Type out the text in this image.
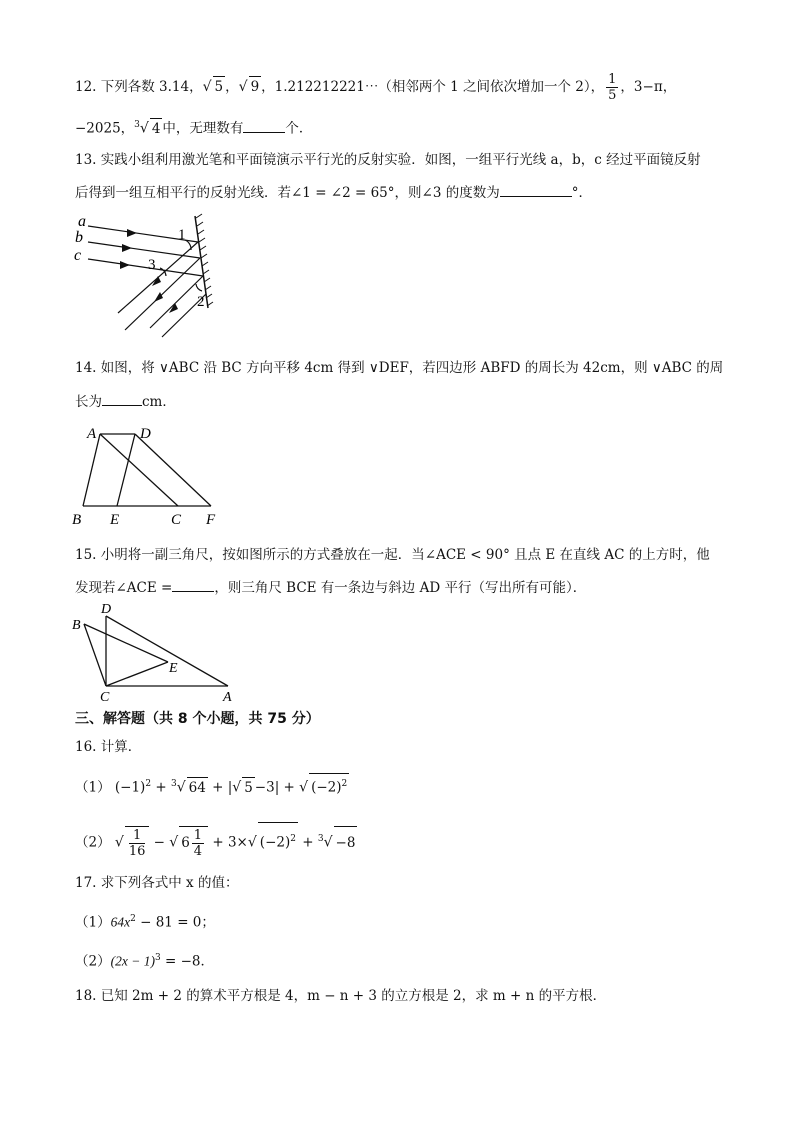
12. 下列各数 3.14，√ 5 ，√ 9 ，1.212212221⋯（相邻两个 1 之间依次增加一个 2）， $\frac{1}{5}$ ，3−π，
−2025，$^3$√ 4 中，无理数有	个．
13. 实践小组利用激光笔和平面镜演示平行光的反射实验．如图，一组平行光线 a，b，c 经过平面镜反射
后得到一组互相平行的反射光线．若∠1 = ∠2 = 65°，则∠3 的度数为	°．
a
b
c
1
2
3
14. 如图，将 ∨ABC 沿 BC 方向平移 4cm 得到 ∨DEF，若四边形 ABFD 的周长为 42cm，则 ∨ABC 的周
长为	cm．
A	D
B E	C F
15. 小明将一副三角尺，按如图所示的方式叠放在一起．当∠ACE < 90° 且点 E 在直线 AC 的上方时，他
发现若∠ACE =	，则三角尺 BCE 有一条边与斜边 AD 平行（写出所有可能）．
D
B
E
C	A
三、解答题（共 8 个小题，共 75 分）
16. 计算．
（1） $(-1)^2 + ^3√$ 64 + |√ 5 −3| + √ $(-2)^2$
（2） √ $\frac{1}{16}$ − √ $6 \frac{1}{4} + 3\times√$ $(-2)^2 + ^3√ -8$
17. 求下列各式中 x 的值：
$(1)64x^2 - 81 = 0$；
$(2)(2x - 1)^3 = -8$．
18. 已知 2m + 2 的算术平方根是 4，m − n + 3 的立方根是 2，求 m + n 的平方根．
